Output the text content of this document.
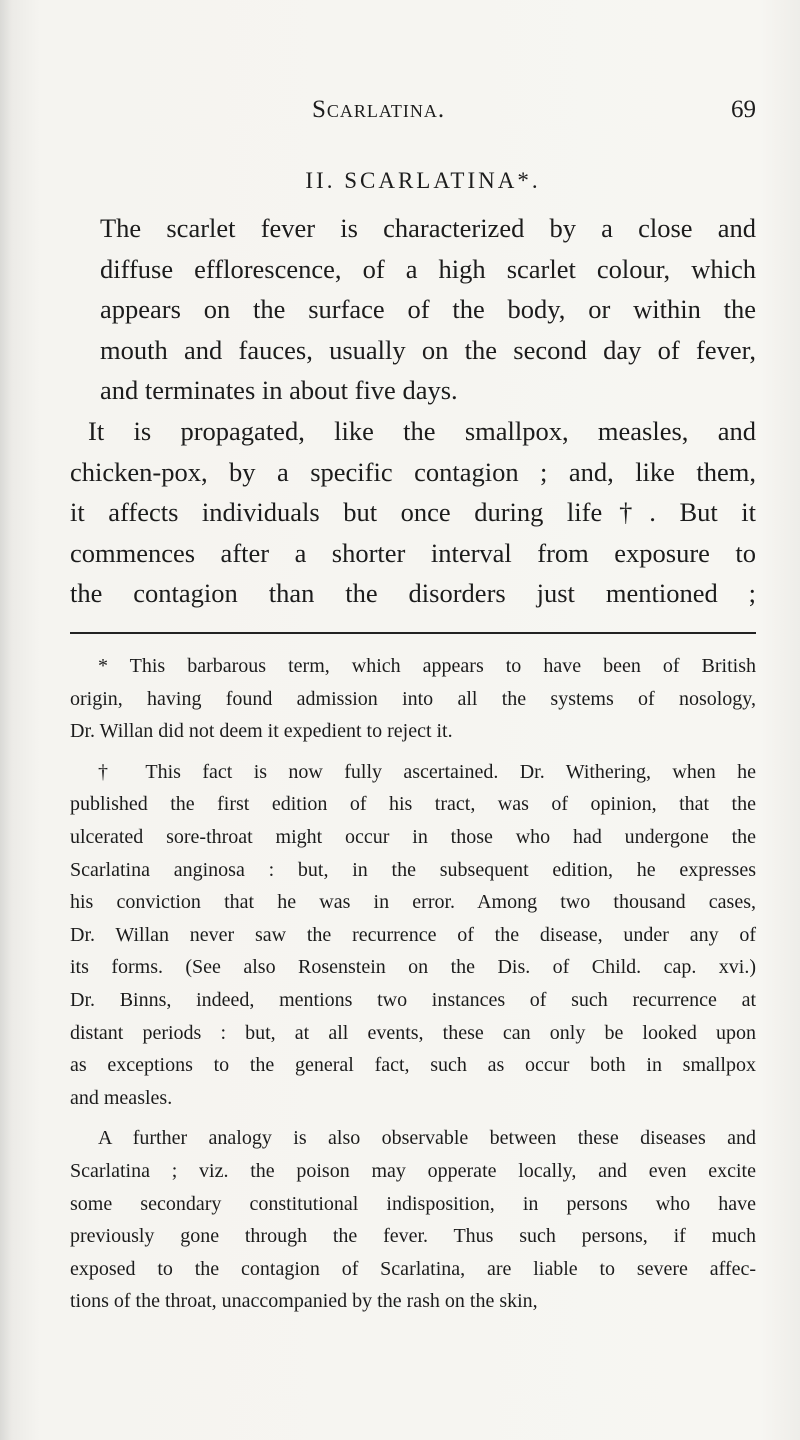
Scarlatina.	69
II. SCARLATINA*.

The scarlet fever is characterized by a close and
diffuse efflorescence, of a high scarlet colour, which
appears on the surface of the body, or within the
mouth and fauces, usually on the second day of fever,
and terminates in about five days.

It is propagated, like the smallpox, measles, and
chicken-pox, by a specific contagion ; and, like them,
it affects individuals but once during life†. But it
commences after a shorter interval from exposure to
the contagion than the disorders just mentioned ;

* This barbarous term, which appears to have been of British
origin, having found admission into all the systems of nosology,
Dr. Willan did not deem it expedient to reject it.
† This fact is now fully ascertained. Dr. Withering, when he
published the first edition of his tract, was of opinion, that the
ulcerated sore-throat might occur in those who had undergone the
Scarlatina anginosa : but, in the subsequent edition, he expresses
his conviction that he was in error. Among two thousand cases,
Dr. Willan never saw the recurrence of the disease, under any of
its forms. (See also Rosenstein on the Dis. of Child. cap. xvi.)
Dr. Binns, indeed, mentions two instances of such recurrence at
distant periods : but, at all events, these can only be looked upon
as exceptions to the general fact, such as occur both in smallpox
and measles.
A further analogy is also observable between these diseases and
Scarlatina ; viz. the poison may opperate locally, and even excite
some secondary constitutional indisposition, in persons who have
previously gone through the fever. Thus such persons, if much
exposed to the contagion of Scarlatina, are liable to severe affec-
tions of the throat, unaccompanied by the rash on the skin,
